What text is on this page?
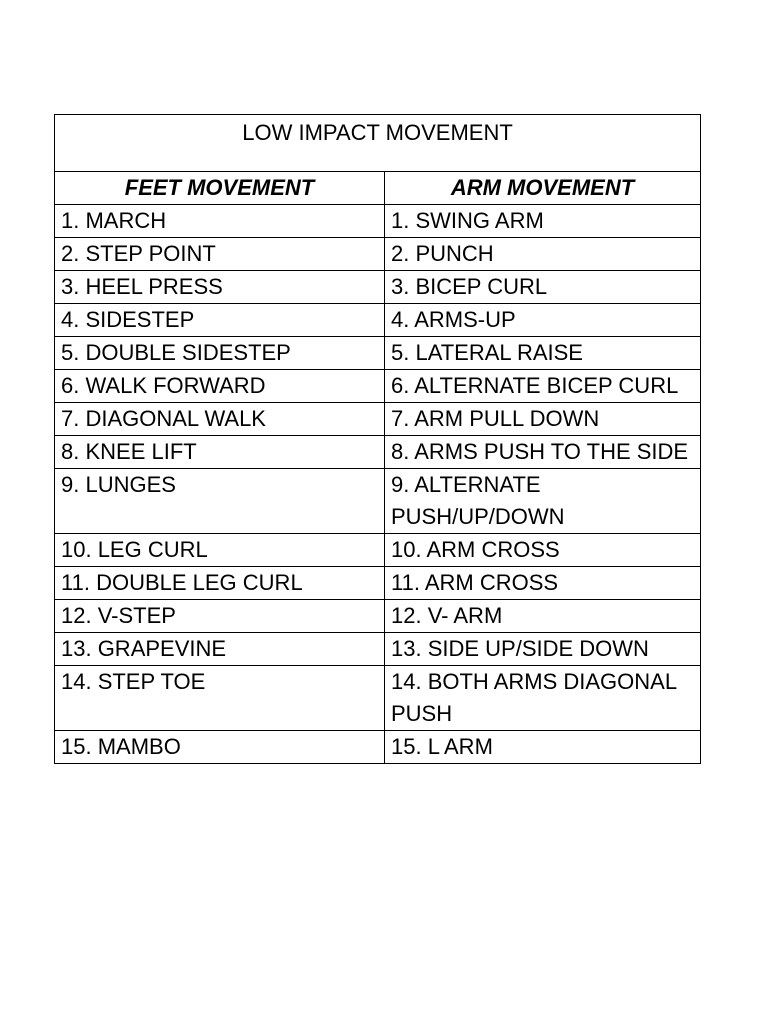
LOW IMPACT MOVEMENT	
FEET MOVEMENT	ARM MOVEMENT
1. MARCH	1. SWING ARM
2. STEP POINT	2. PUNCH
3. HEEL PRESS	3. BICEP CURL
4. SIDESTEP	4. ARMS-UP
5. DOUBLE SIDESTEP	5. LATERAL RAISE
6. WALK FORWARD	6. ALTERNATE BICEP CURL
7. DIAGONAL WALK	7. ARM PULL DOWN
8. KNEE LIFT	8. ARMS PUSH TO THE SIDE
9. LUNGES	9. ALTERNATE PUSH/UP/DOWN
10. LEG CURL	10. ARM CROSS
11. DOUBLE LEG CURL	11. ARM CROSS
12. V-STEP	12. V- ARM
13. GRAPEVINE	13. SIDE UP/SIDE DOWN
14. STEP TOE	14. BOTH ARMS DIAGONAL PUSH
15. MAMBO	15. L ARM
